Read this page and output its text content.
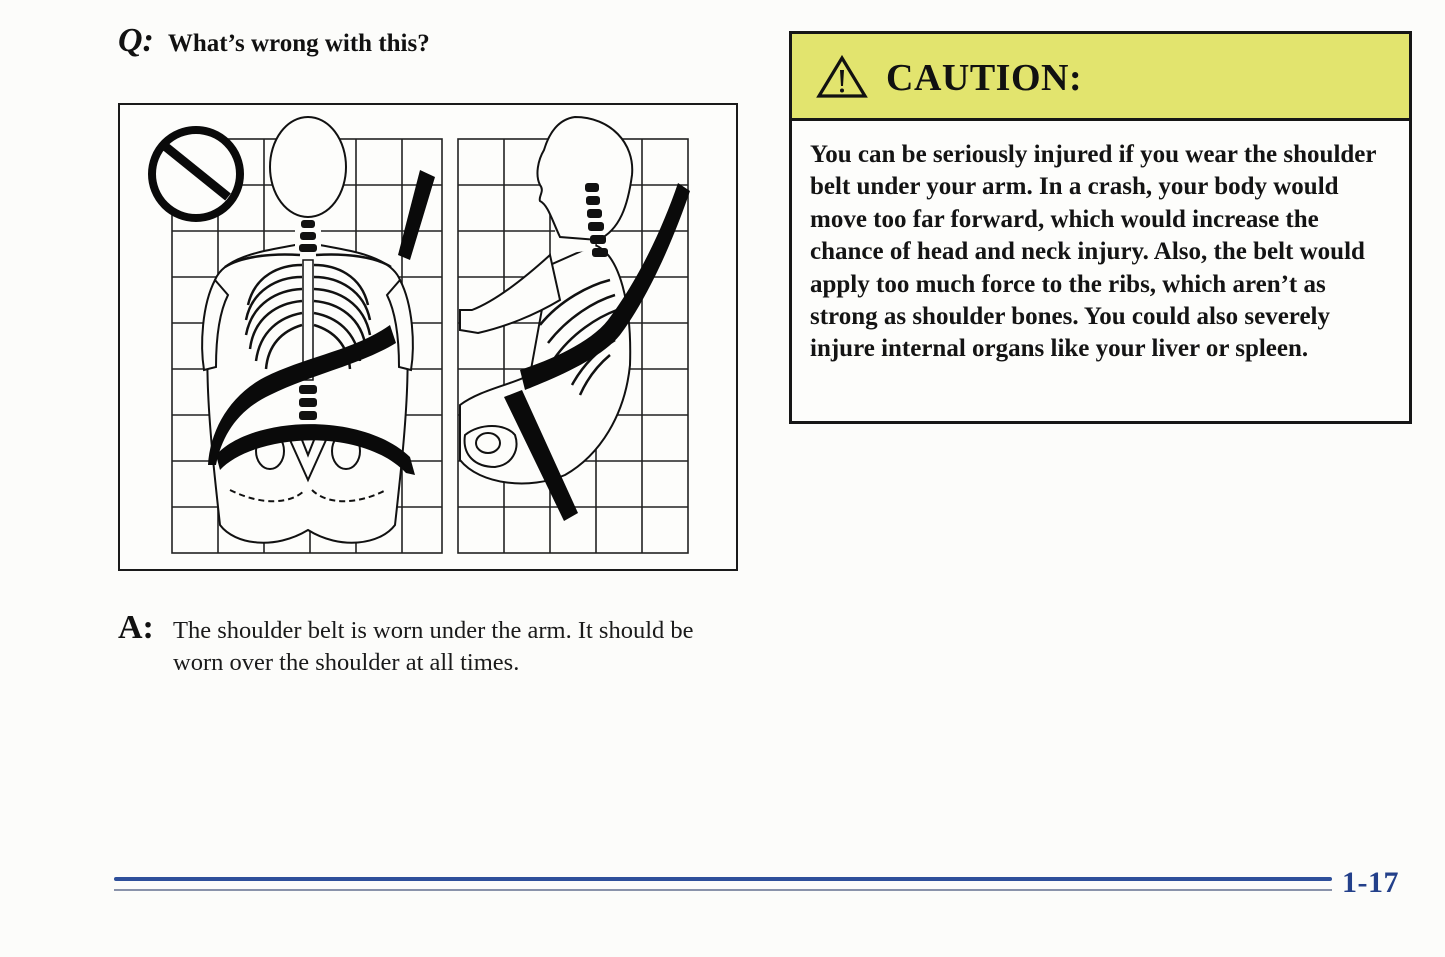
Q: What’s wrong with this?
A: The shoulder belt is worn under the arm. It should be worn over the shoulder at all times.
CAUTION:
You can be seriously injured if you wear the shoulder belt under your arm. In a crash, your body would move too far forward, which would increase the chance of head and neck injury. Also, the belt would apply too much force to the ribs, which aren’t as strong as shoulder bones. You could also severely injure internal organs like your liver or spleen.
1-17
